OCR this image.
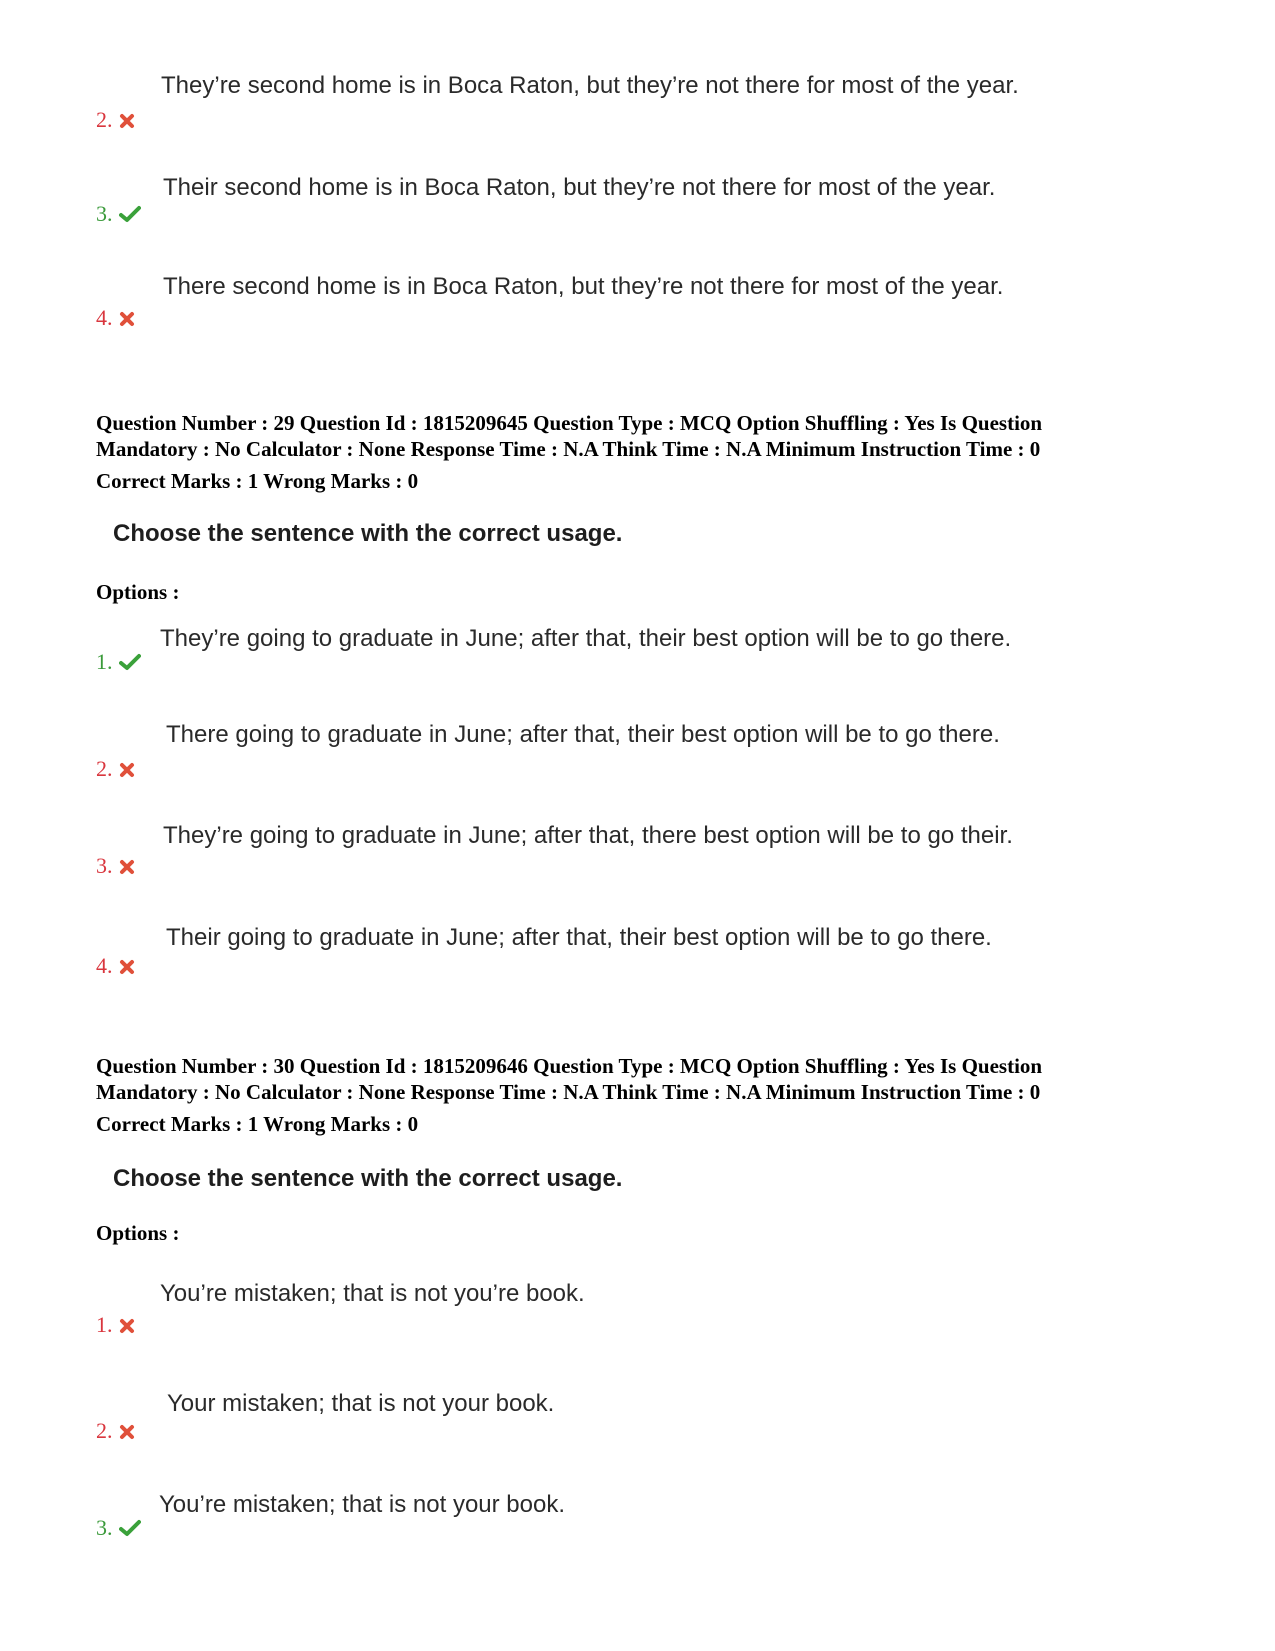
They’re second home is in Boca Raton, but they’re not there for most of the year.
2.
Their second home is in Boca Raton, but they’re not there for most of the year.
3.
There second home is in Boca Raton, but they’re not there for most of the year.
4.
Question Number : 29 Question Id : 1815209645 Question Type : MCQ Option Shuffling : Yes Is Question
Mandatory : No Calculator : None Response Time : N.A Think Time : N.A Minimum Instruction Time : 0
Correct Marks : 1 Wrong Marks : 0
Choose the sentence with the correct usage.
Options :
They’re going to graduate in June; after that, their best option will be to go there.
1.
There going to graduate in June; after that, their best option will be to go there.
2.
They’re going to graduate in June; after that, there best option will be to go their.
3.
Their going to graduate in June; after that, their best option will be to go there.
4.
Question Number : 30 Question Id : 1815209646 Question Type : MCQ Option Shuffling : Yes Is Question
Mandatory : No Calculator : None Response Time : N.A Think Time : N.A Minimum Instruction Time : 0
Correct Marks : 1 Wrong Marks : 0
Choose the sentence with the correct usage.
Options :
You’re mistaken; that is not you’re book.
1.
Your mistaken; that is not your book.
2.
You’re mistaken; that is not your book.
3.
